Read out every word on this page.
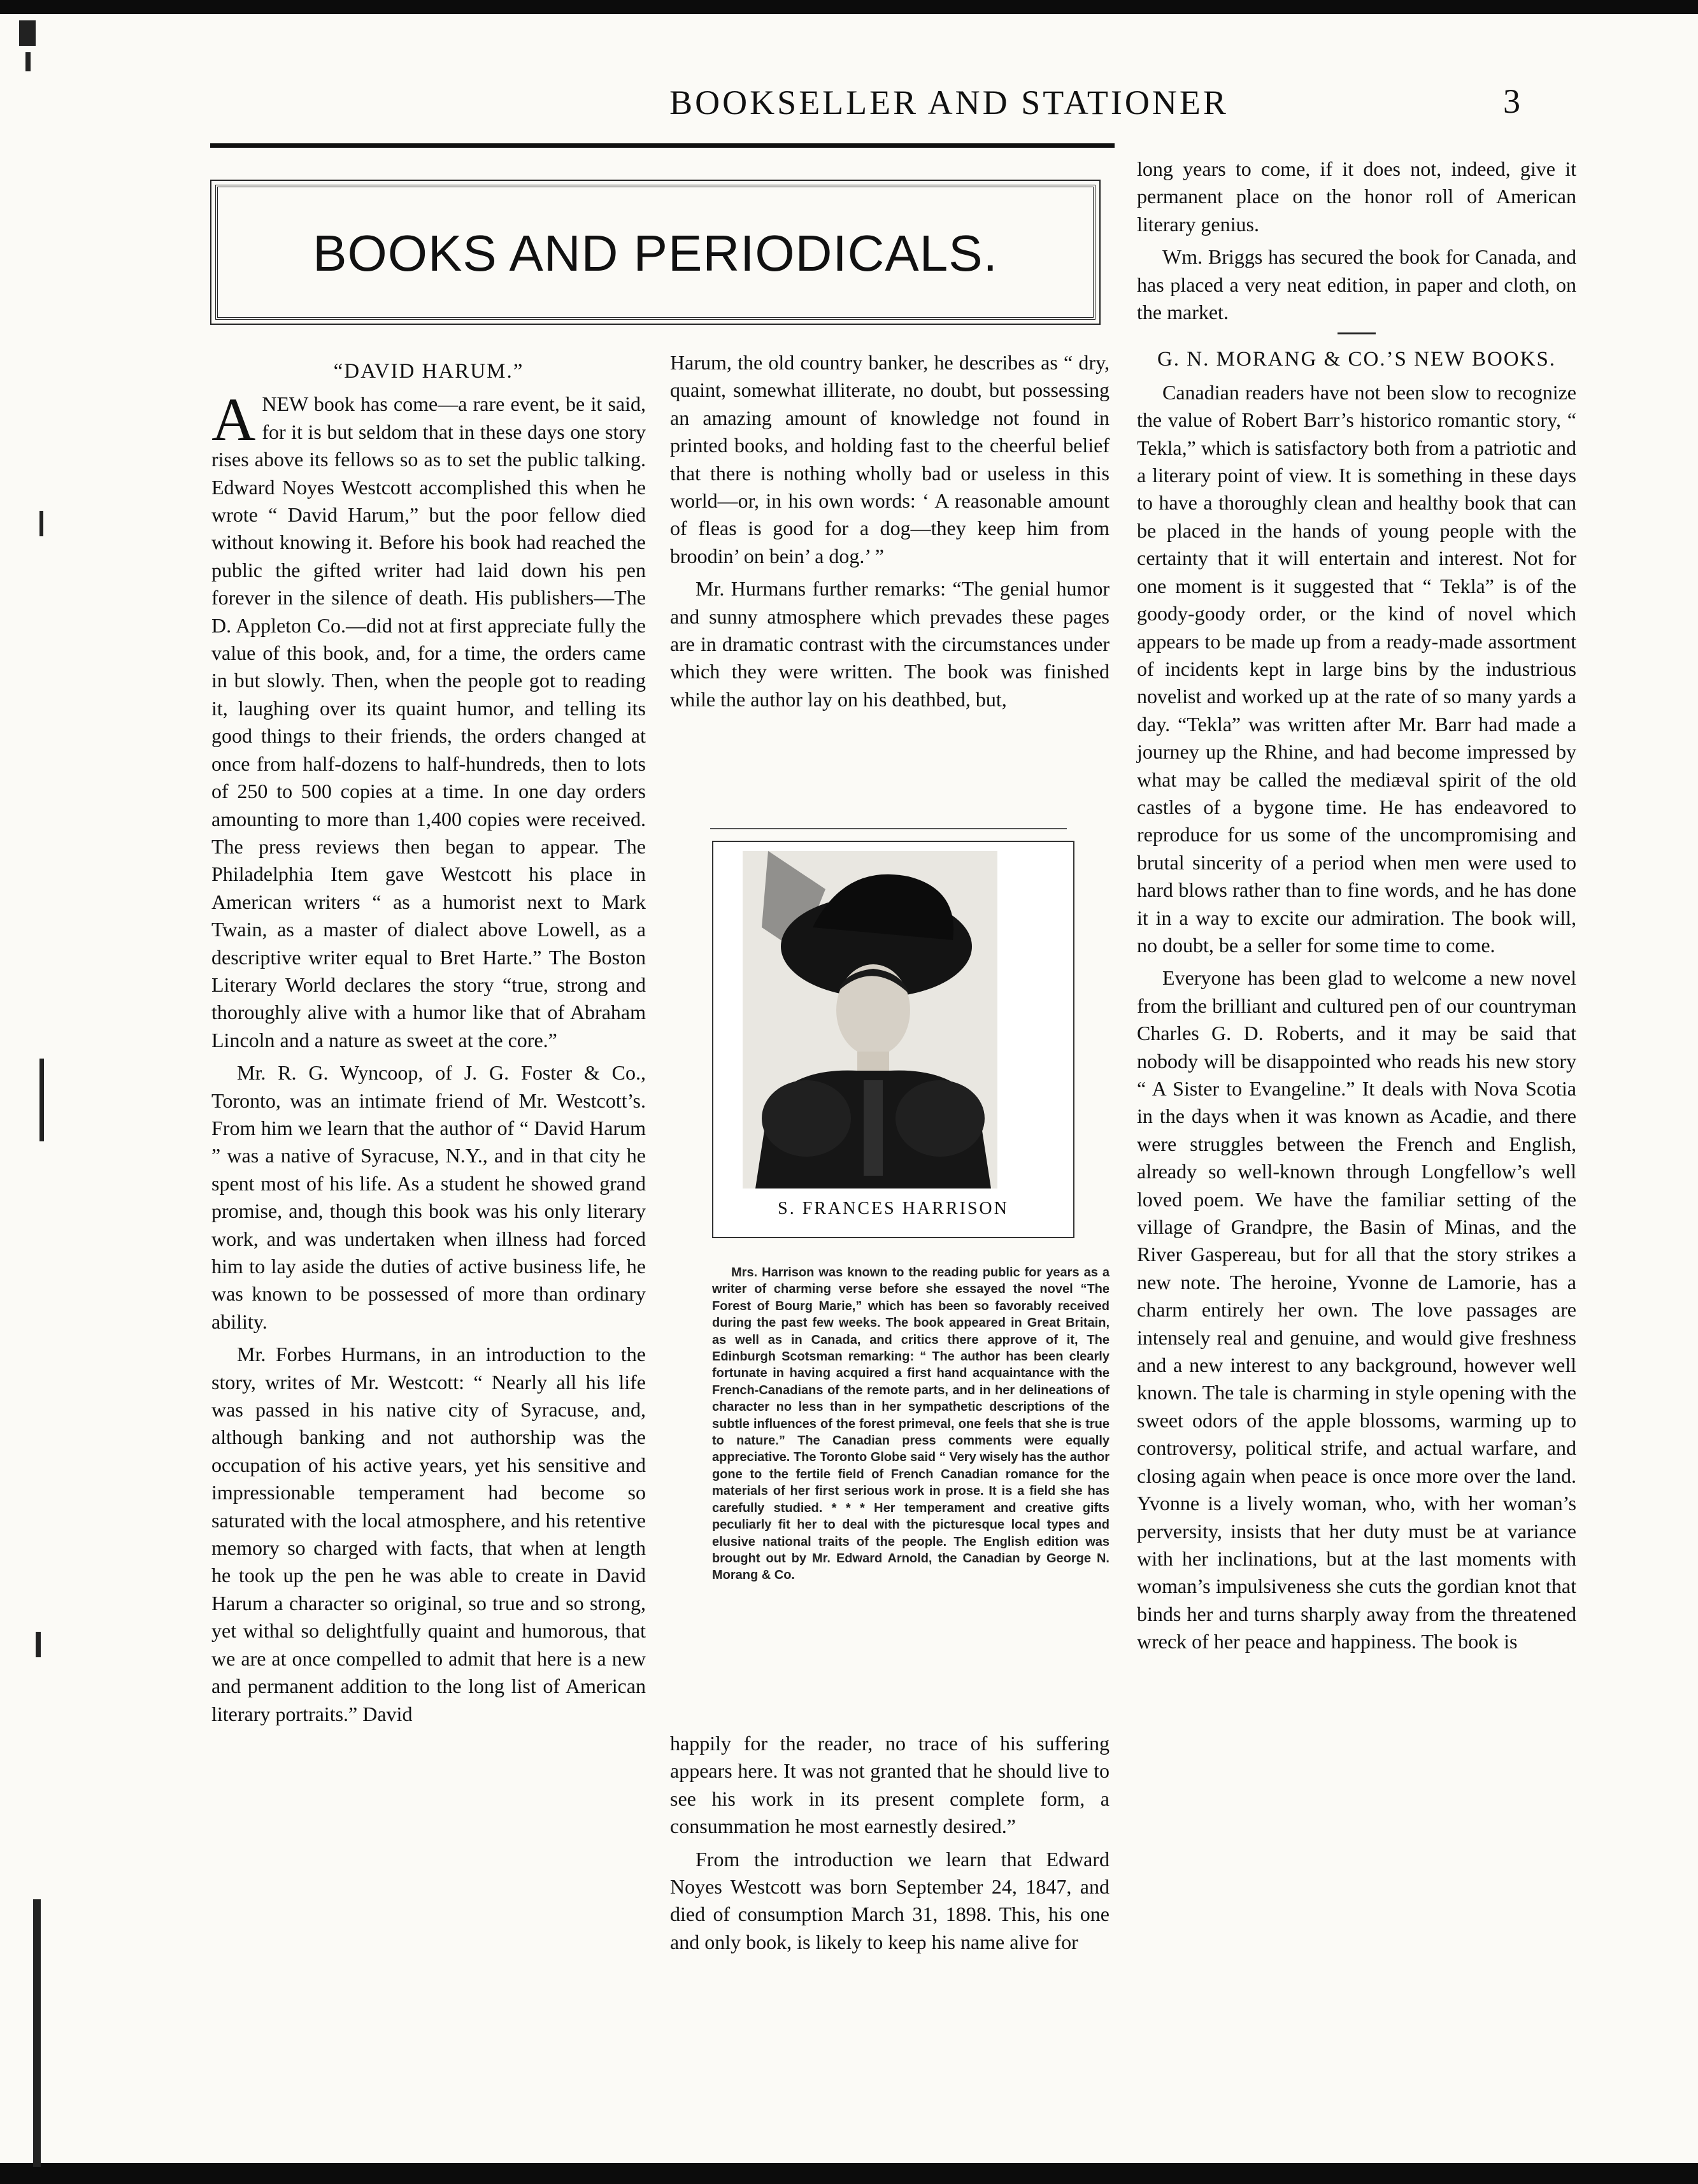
BOOKSELLER AND STATIONER	3
BOOKS AND PERIODICALS.
“DAVID HARUM.”

ANEW book has come—a rare event, be it said, for it is but seldom that in these days one story rises above its fellows so as to set the public talking. Edward Noyes Westcott accomplished this when he wrote “ David Harum,” but the poor fellow died without knowing it. Before his book had reached the public the gifted writer had laid down his pen forever in the silence of death. His publishers—The D. Appleton Co.—did not at first appreciate fully the value of this book, and, for a time, the orders came in but slowly. Then, when the people got to reading it, laughing over its quaint humor, and telling its good things to their friends, the orders changed at once from half-dozens to half-hundreds, then to lots of 250 to 500 copies at a time. In one day orders amounting to more than 1,400 copies were received. The press reviews then began to appear. The Philadelphia Item gave Westcott his place in American writers “ as a humorist next to Mark Twain, as a master of dialect above Lowell, as a descriptive writer equal to Bret Harte.” The Boston Literary World declares the story “true, strong and thoroughly alive with a humor like that of Abraham Lincoln and a nature as sweet at the core.”

Mr. R. G. Wyncoop, of J. G. Foster & Co., Toronto, was an intimate friend of Mr. Westcott’s. From him we learn that the author of “ David Harum ” was a native of Syracuse, N.Y., and in that city he spent most of his life. As a student he showed grand promise, and, though this book was his only literary work, and was undertaken when illness had forced him to lay aside the duties of active business life, he was known to be possessed of more than ordinary ability.

Mr. Forbes Hurmans, in an introduction to the story, writes of Mr. Westcott: “ Nearly all his life was passed in his native city of Syracuse, and, although banking and not authorship was the occupation of his active years, yet his sensitive and impressionable temperament had become so saturated with the local atmosphere, and his retentive memory so charged with facts, that when at length he took up the pen he was able to create in David Harum a character so original, so true and so strong, yet withal so delightfully quaint and humorous, that we are at once compelled to admit that here is a new and permanent addition to the long list of American literary portraits.” David

Harum, the old country banker, he describes as “ dry, quaint, somewhat illiterate, no doubt, but possessing an amazing amount of knowledge not found in printed books, and holding fast to the cheerful belief that there is nothing wholly bad or useless in this world—or, in his own words: ‘ A reasonable amount of fleas is good for a dog—they keep him from broodin’ on bein’ a dog.’ ”

Mr. Hurmans further remarks: “The genial humor and sunny atmosphere which prevades these pages are in dramatic contrast with the circumstances under which they were written. The book was finished while the author lay on his deathbed, but,

S. FRANCES HARRISON

Mrs. Harrison was known to the reading public for years as a writer of charming verse before she essayed the novel “The Forest of Bourg Marie,” which has been so favorably received during the past few weeks. The book appeared in Great Britain, as well as in Canada, and critics there approve of it, The Edinburgh Scotsman remarking: “ The author has been clearly fortunate in having acquired a first hand acquaintance with the French-Canadians of the remote parts, and in her delineations of character no less than in her sympathetic descriptions of the subtle influences of the forest primeval, one feels that she is true to nature.” The Canadian press comments were equally appreciative. The Toronto Globe said “ Very wisely has the author gone to the fertile field of French Canadian romance for the materials of her first serious work in prose. It is a field she has carefully studied. * * * Her temperament and creative gifts peculiarly fit her to deal with the picturesque local types and elusive national traits of the people. The English edition was brought out by Mr. Edward Arnold, the Canadian by George N. Morang & Co.

happily for the reader, no trace of his suffering appears here. It was not granted that he should live to see his work in its present complete form, a consummation he most earnestly desired.”

From the introduction we learn that Edward Noyes Westcott was born September 24, 1847, and died of consumption March 31, 1898. This, his one and only book, is likely to keep his name alive for

long years to come, if it does not, indeed, give it permanent place on the honor roll of American literary genius.

Wm. Briggs has secured the book for Canada, and has placed a very neat edition, in paper and cloth, on the market.

G. N. MORANG & CO.’S NEW BOOKS.

Canadian readers have not been slow to recognize the value of Robert Barr’s historico romantic story, “ Tekla,” which is satisfactory both from a patriotic and a literary point of view. It is something in these days to have a thoroughly clean and healthy book that can be placed in the hands of young people with the certainty that it will entertain and interest. Not for one moment is it suggested that “ Tekla” is of the goody-goody order, or the kind of novel which appears to be made up from a ready-made assortment of incidents kept in large bins by the industrious novelist and worked up at the rate of so many yards a day. “Tekla” was written after Mr. Barr had made a journey up the Rhine, and had become impressed by what may be called the mediæval spirit of the old castles of a bygone time. He has endeavored to reproduce for us some of the uncompromising and brutal sincerity of a period when men were used to hard blows rather than to fine words, and he has done it in a way to excite our admiration. The book will, no doubt, be a seller for some time to come.

Everyone has been glad to welcome a new novel from the brilliant and cultured pen of our countryman Charles G. D. Roberts, and it may be said that nobody will be disappointed who reads his new story “ A Sister to Evangeline.” It deals with Nova Scotia in the days when it was known as Acadie, and there were struggles between the French and English, already so well-known through Longfellow’s well loved poem. We have the familiar setting of the village of Grandpre, the Basin of Minas, and the River Gaspereau, but for all that the story strikes a new note. The heroine, Yvonne de Lamorie, has a charm entirely her own. The love passages are intensely real and genuine, and would give freshness and a new interest to any background, however well known. The tale is charming in style opening with the sweet odors of the apple blossoms, warming up to controversy, political strife, and actual warfare, and closing again when peace is once more over the land. Yvonne is a lively woman, who, with her woman’s perversity, insists that her duty must be at variance with her inclinations, but at the last moments with woman’s impulsiveness she cuts the gordian knot that binds her and turns sharply away from the threatened wreck of her peace and happiness. The book is
